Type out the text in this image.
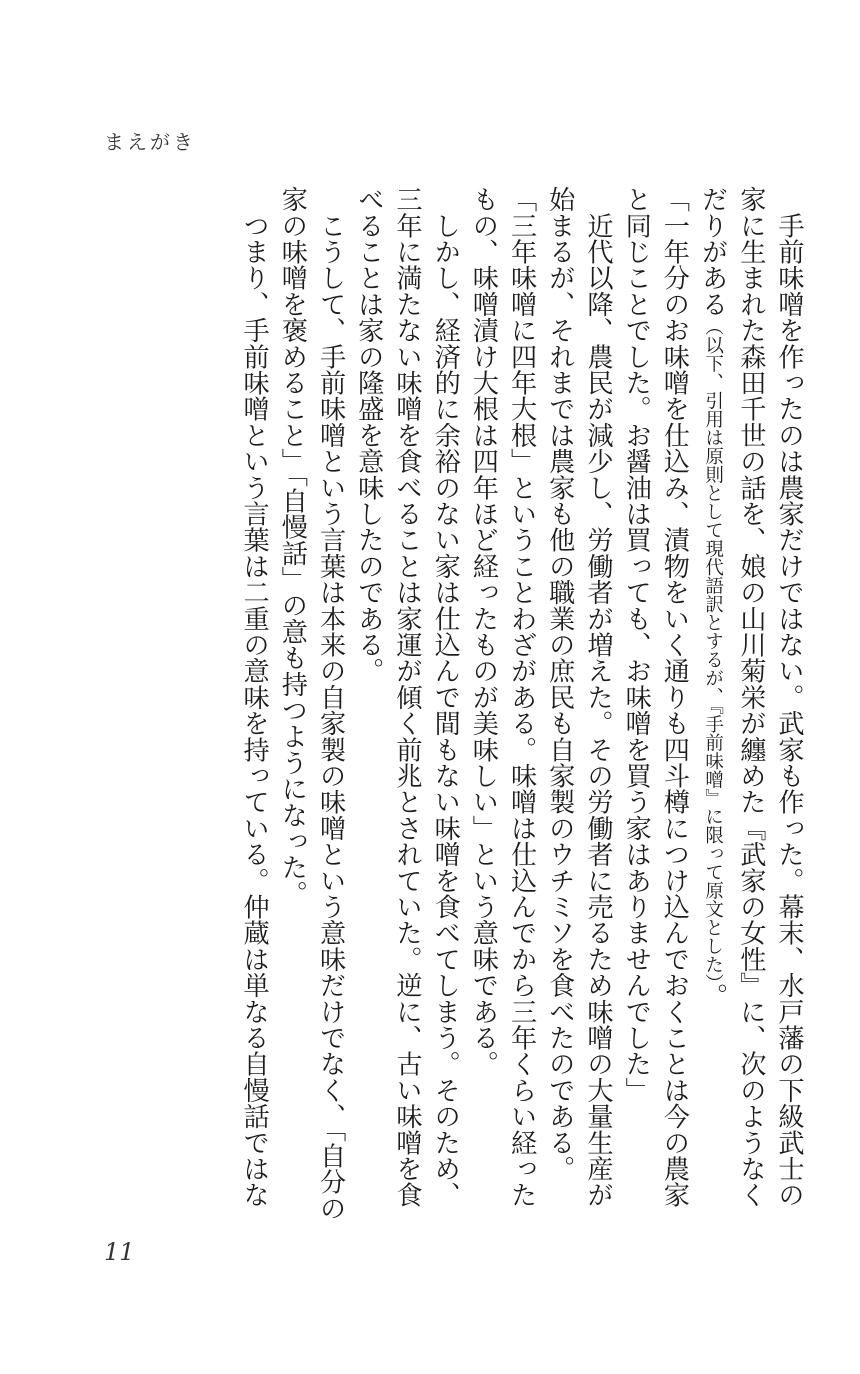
まえがき

　手前味噌を作ったのは農家だけではない。武家も作った。幕末、水戸藩の下級武士の家に生まれた森田千世の話を、娘の山川菊栄が纏めた『武家の女性』に、次のようなくだりがある（以下、引用は原則として現代語訳とするが、『手前味噌』に限って原文とした）。

「一年分のお味噌を仕込み、漬物をいく通りも四斗樽につけ込んでおくことは今の農家と同じことでした。お醤油は買っても、お味噌を買う家はありませんでした」

　近代以降、農民が減少し、労働者が増えた。その労働者に売るため味噌の大量生産が始まるが、それまでは農家も他の職業の庶民も自家製のウチミソを食べたのである。

「三年味噌に四年大根」ということわざがある。味噌は仕込んでから三年くらい経ったもの、味噌漬け大根は四年ほど経ったものが美味しい」という意味である。

　しかし、経済的に余裕のない家は仕込んで間もない味噌を食べてしまう。そのため、三年に満たない味噌を食べることは家運が傾く前兆とされていた。逆に、古い味噌を食べることは家の隆盛を意味したのである。

　こうして、手前味噌という言葉は本来の自家製の味噌という意味だけでなく、「自分の家の味噌を褒めること」「自慢話」の意も持つようになった。

　つまり、手前味噌という言葉は二重の意味を持っている。仲蔵は単なる自慢話ではな

11
